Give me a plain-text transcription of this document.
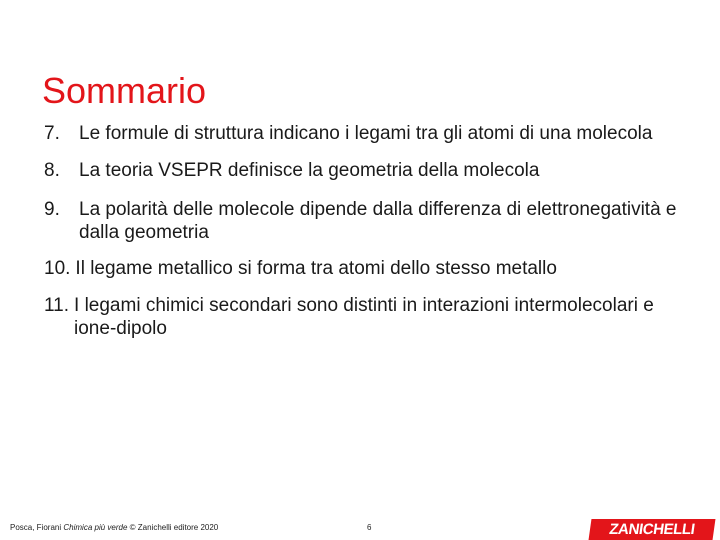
Sommario
7.	Le formule di struttura indicano i legami tra gli atomi di una molecola
8.	La teoria VSEPR definisce la geometria della molecola
9.	La polarità delle molecole dipende dalla differenza di elettronegatività e dalla geometria
10. Il legame metallico si forma tra atomi dello stesso metallo
11. I legami chimici secondari sono distinti in interazioni intermolecolari e ione-dipolo
Posca, Fiorani Chimica più verde © Zanichelli editore 2020	6	ZANICHELLI
